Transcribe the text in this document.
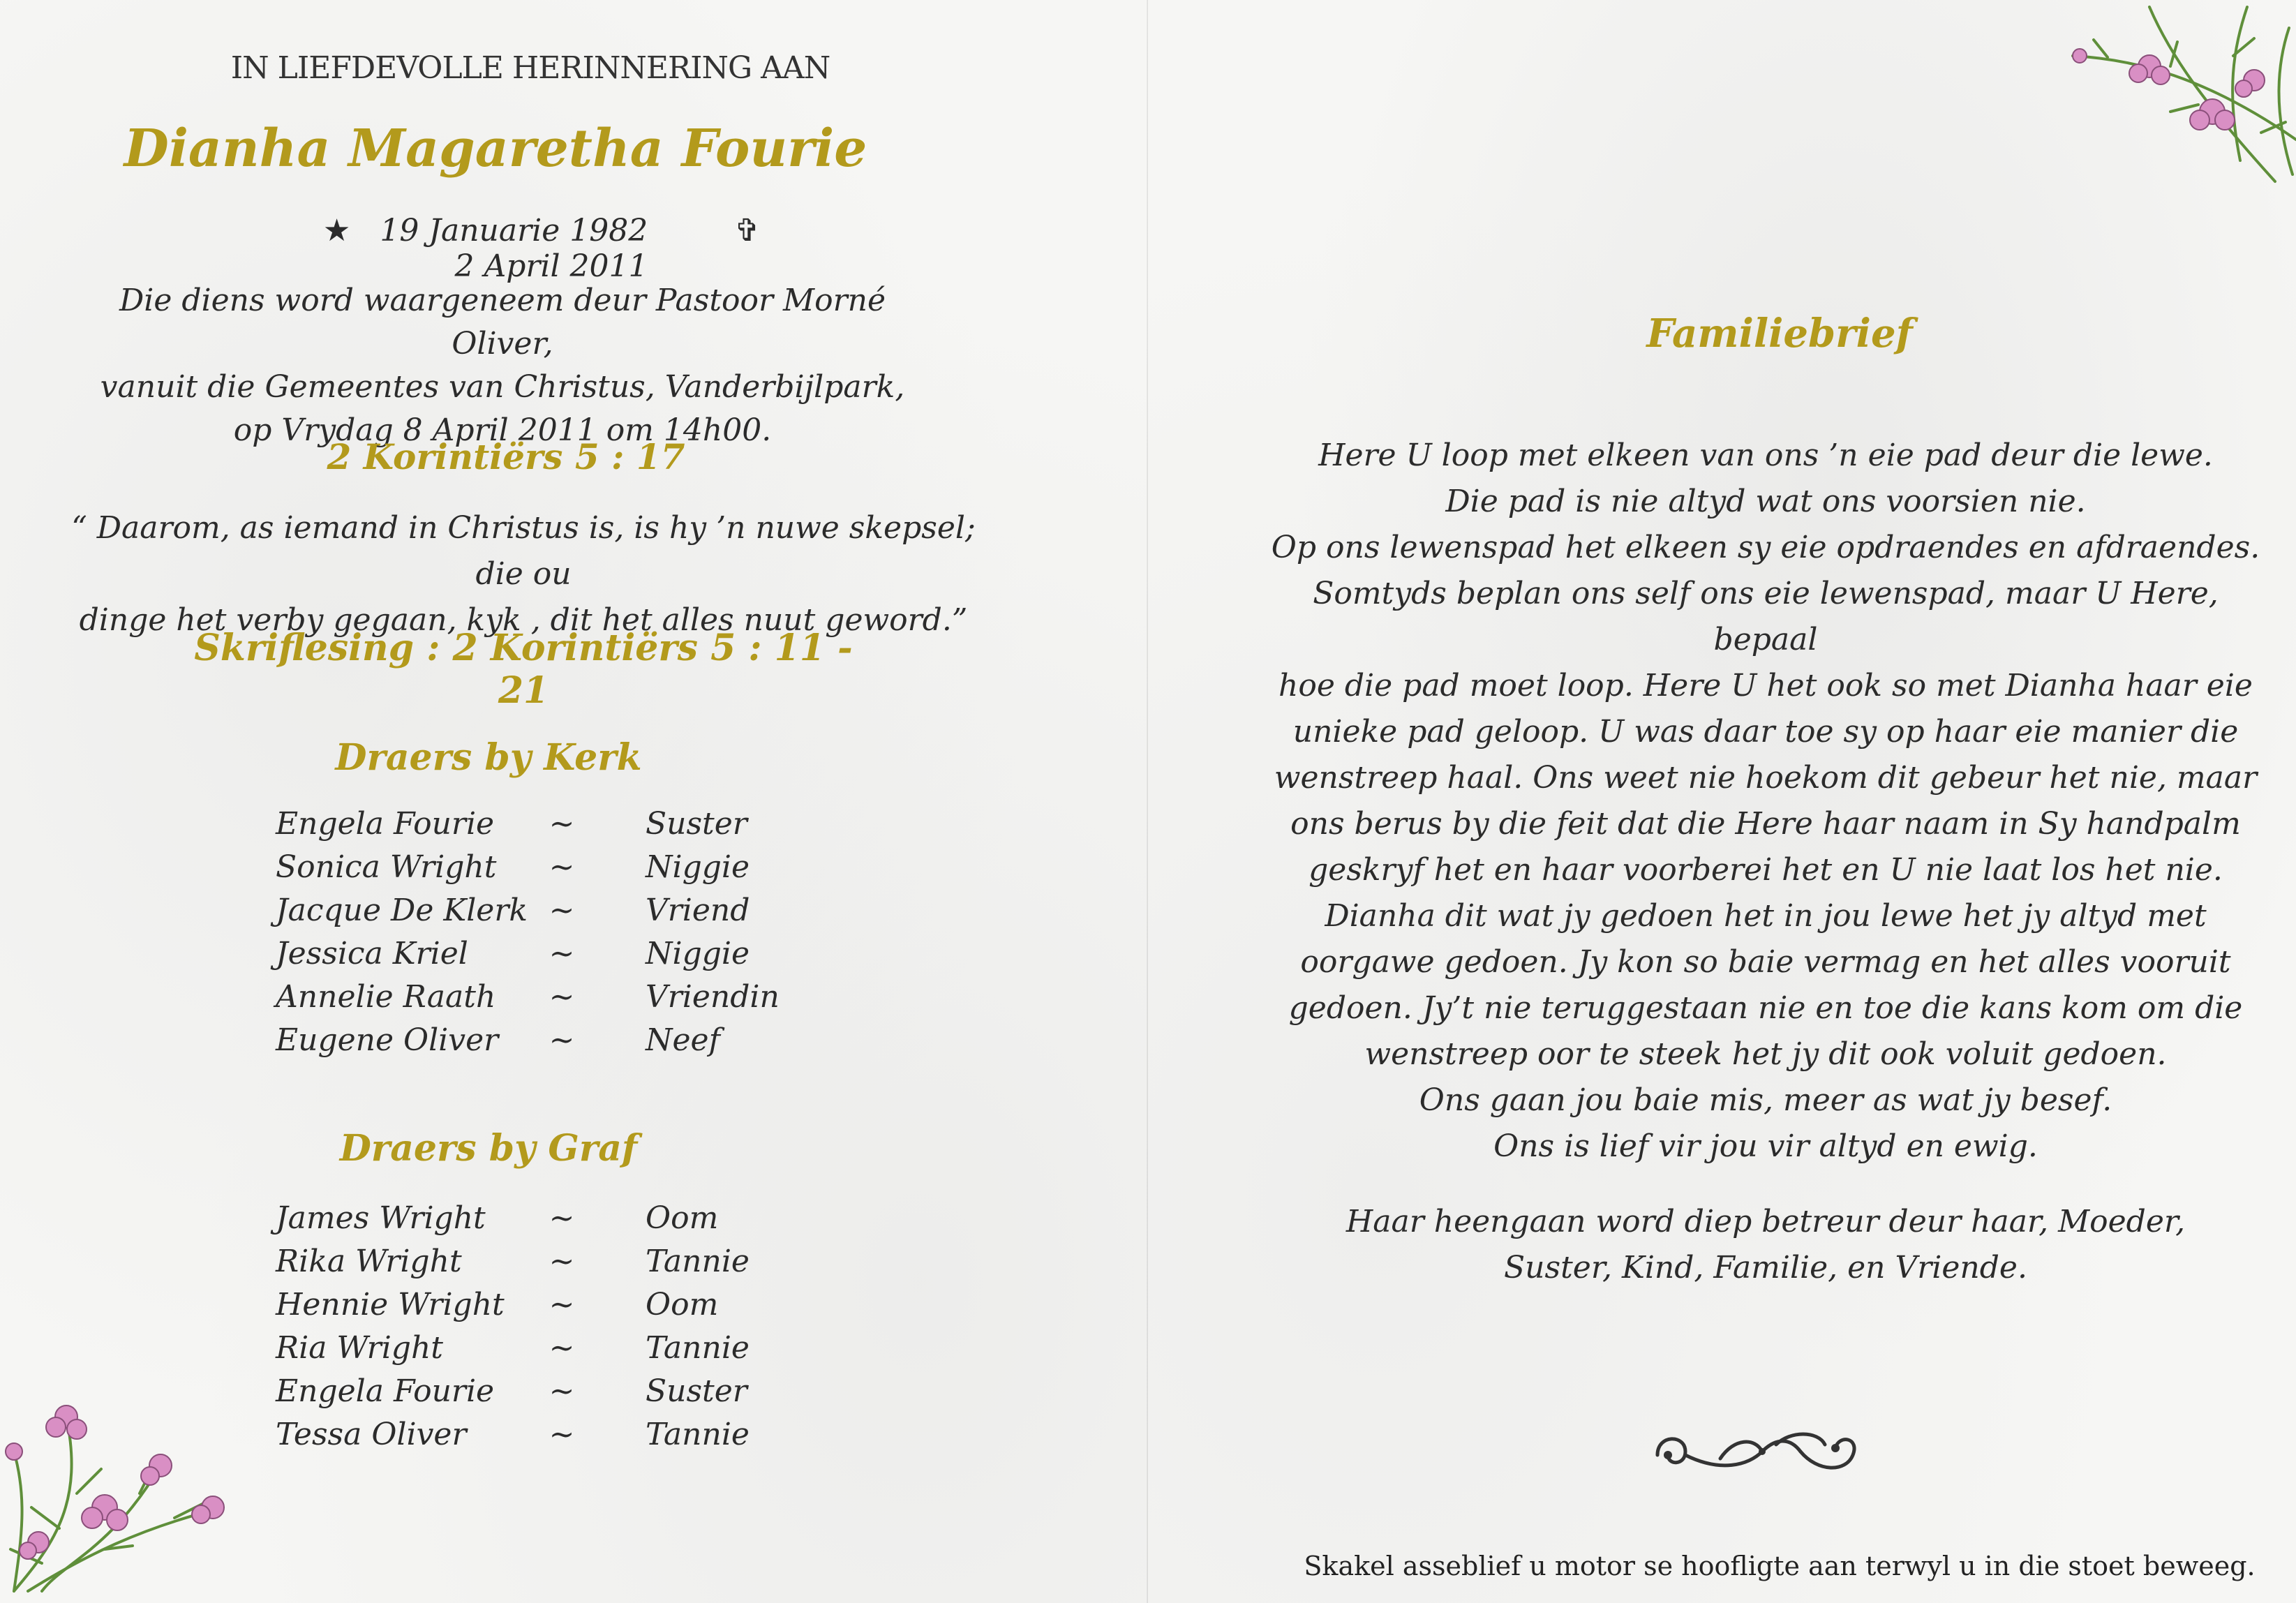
IN LIEFDEVOLLE HERINNERING AAN
Dianha Magaretha Fourie
★ 19 Januarie 1982	✞ 2 April 2011
Die diens word waargeneem deur Pastoor Morné Oliver,
vanuit die Gemeentes van Christus, Vanderbijlpark,
op Vrydag 8 April 2011 om 14h00.
2 Korintiërs 5 : 17
“ Daarom, as iemand in Christus is, is hy ’n nuwe skepsel; die ou
dinge het verby gegaan, kyk , dit het alles nuut geword.”
Skriflesing : 2 Korintiërs 5 : 11 - 21
Draers by Kerk
Engela Fourie	~ Suster
Sonica Wright	~ Niggie
Jacque De Klerk ~ Vriend
Jessica Kriel	~ Niggie
Annelie Raath	~ Vriendin
Eugene Oliver	~ Neef
Draers by Graf
James Wright	~ Oom
Rika Wright	~ Tannie
Hennie Wright	~ Oom
Ria Wright	~ Tannie
Engela Fourie	~ Suster
Tessa Oliver	~ Tannie
Familiebrief
Here U loop met elkeen van ons ’n eie pad deur die lewe.
Die pad is nie altyd wat ons voorsien nie.
Op ons lewenspad het elkeen sy eie opdraendes en afdraendes.
Somtyds beplan ons self ons eie lewenspad, maar U Here, bepaal
hoe die pad moet loop. Here U het ook so met Dianha haar eie
unieke pad geloop. U was daar toe sy op haar eie manier die
wenstreep haal. Ons weet nie hoekom dit gebeur het nie, maar
ons berus by die feit dat die Here haar naam in Sy handpalm
geskryf het en haar voorberei het en U nie laat los het nie.
Dianha dit wat jy gedoen het in jou lewe het jy altyd met
oorgawe gedoen. Jy kon so baie vermag en het alles vooruit
gedoen. Jy’t nie teruggestaan nie en toe die kans kom om die
wenstreep oor te steek het jy dit ook voluit gedoen.
Ons gaan jou baie mis, meer as wat jy besef.
Ons is lief vir jou vir altyd en ewig.
Haar heengaan word diep betreur deur haar, Moeder,
Suster, Kind, Familie, en Vriende.
Skakel asseblief u motor se hoofligte aan terwyl u in die stoet beweeg.
